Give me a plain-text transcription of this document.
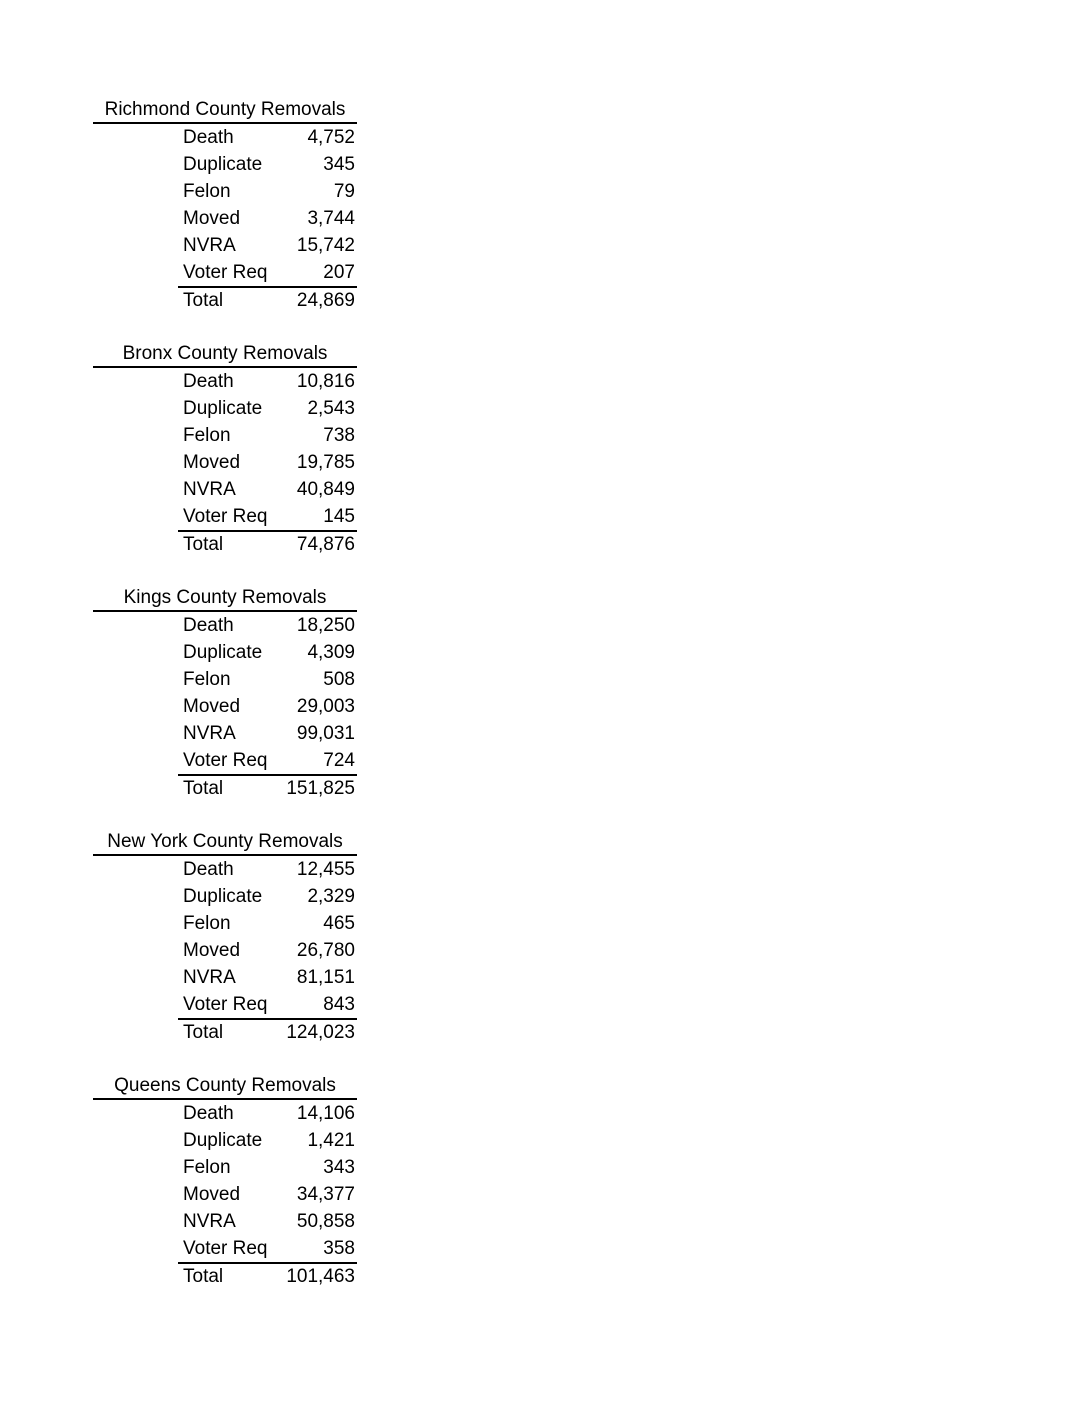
Richmond County Removals
Death	4,752
Duplicate	345
Felon	79
Moved	3,744
NVRA	15,742
Voter Req	207
Total	24,869
Bronx County Removals
Death	10,816
Duplicate 2,543
Felon	738
Moved	19,785
NVRA	40,849
Voter Req	145
Total	74,876
Kings County Removals
Death	18,250
Duplicate 4,309
Felon	508
Moved	29,003
NVRA	99,031
Voter Req	724
Total	151,825
New York County Removals
Death	12,455
Duplicate 2,329
Felon	465
Moved	26,780
NVRA	81,151
Voter Req	843
Total	124,023
Queens County Removals
Death	14,106
Duplicate 1,421
Felon	343
Moved	34,377
NVRA	50,858
Voter Req	358
Total	101,463
